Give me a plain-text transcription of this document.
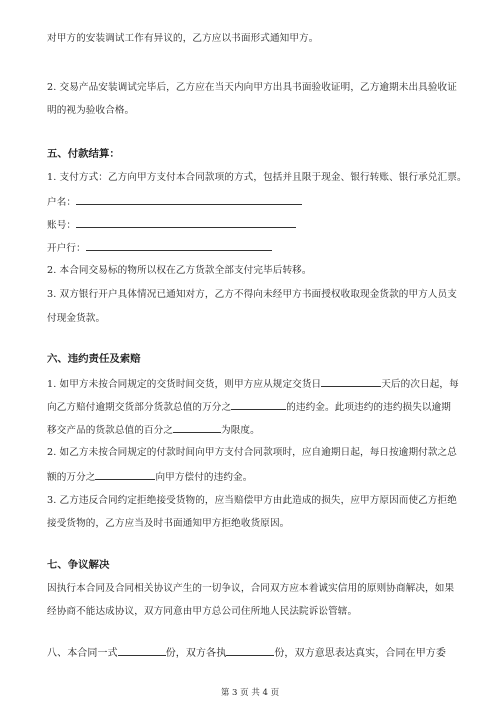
对甲方的安装调试工作有异议的，乙方应以书面形式通知甲方。
2. 交易产品安装调试完毕后，乙方应在当天内向甲方出具书面验收证明，乙方逾期未出具验收证
明的视为验收合格。
五、付款结算：
1. 支付方式：乙方向甲方支付本合同款项的方式，包括并且限于现金、银行转账、银行承兑汇票。
户名：
账号：
开户行：
2. 本合同交易标的物所以权在乙方货款全部支付完毕后转移。
3. 双方银行开户具体情况已通知对方，乙方不得向未经甲方书面授权收取现金货款的甲方人员支
付现金货款。
六、违约责任及索赔
1. 如甲方未按合同规定的交货时间交货，则甲方应从规定交货日	天后的次日起，每
向乙方赔付逾期交货部分货款总值的万分之	的违约金。此项违约的违约损失以逾期
移交产品的货款总值的百分之	为限度。
2. 如乙方未按合同规定的付款时间向甲方支付合同款项时，应自逾期日起，每日按逾期付款之总
额的万分之	向甲方偿付的违约金。
3. 乙方违反合同约定拒绝接受货物的，应当赔偿甲方由此造成的损失，应甲方原因而使乙方拒绝
接受货物的，乙方应当及时书面通知甲方拒绝收货原因。
七、争议解决
因执行本合同及合同相关协议产生的一切争议，合同双方应本着诚实信用的原则协商解决，如果
经协商不能达成协议，双方同意由甲方总公司住所地人民法院诉讼管辖。
八、本合同一式	份，双方各执	份，双方意思表达真实，合同在甲方委
第 3 页 共 4 页
